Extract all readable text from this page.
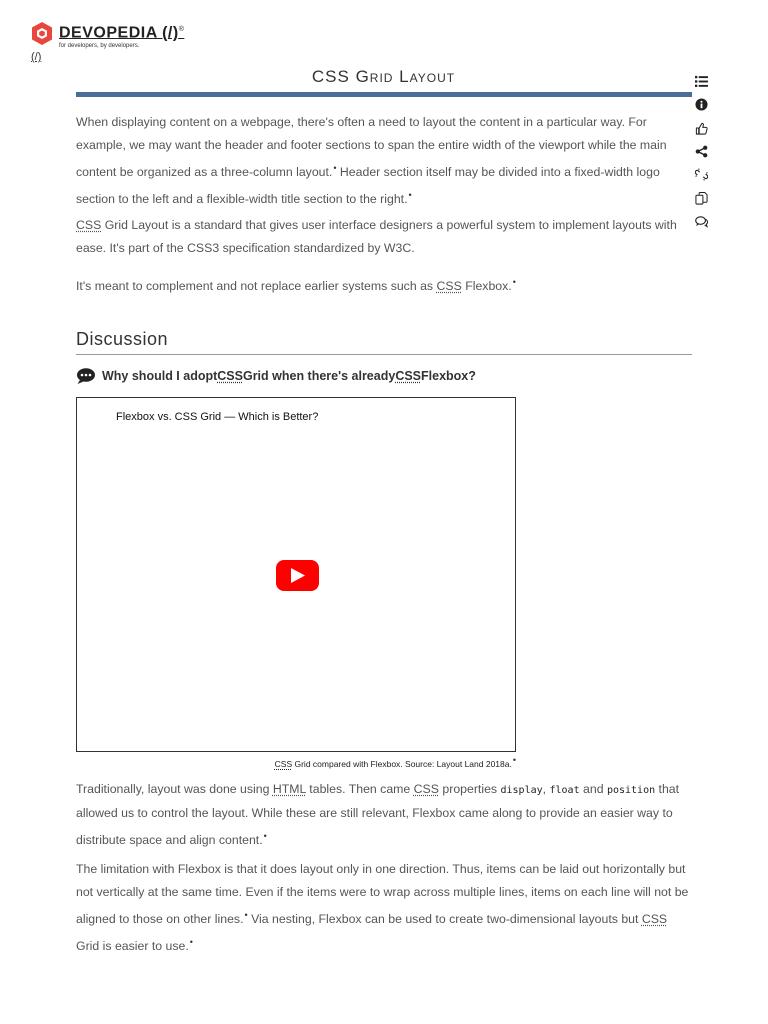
DEVOPEDIA (/)®
for developers, by developers.
(/)
CSS Grid Layout

When displaying content on a webpage, there's often a need to layout the content in a particular way. For example, we may want the header and footer sections to span the entire width of the viewport while the main content be organized as a three-column layout.• Header section itself may be divided into a fixed-width logo section to the left and a flexible-width title section to the right.•

CSS Grid Layout is a standard that gives user interface designers a powerful system to implement layouts with ease. It's part of the CSS3 specification standardized by W3C.

It's meant to complement and not replace earlier systems such as CSS Flexbox.•

Discussion
Why should I adopt CSS Grid when there's already CSS Flexbox?
Flexbox vs. CSS Grid — Which is Better?
CSS Grid compared with Flexbox. Source: Layout Land 2018a.•

Traditionally, layout was done using HTML tables. Then came CSS properties display, float and position that allowed us to control the layout. While these are still relevant, Flexbox came along to provide an easier way to distribute space and align content.•

The limitation with Flexbox is that it does layout only in one direction. Thus, items can be laid out horizontally but not vertically at the same time. Even if the items were to wrap across multiple lines, items on each line will not be aligned to those on other lines.• Via nesting, Flexbox can be used to create two-dimensional layouts but CSS Grid is easier to use.•
